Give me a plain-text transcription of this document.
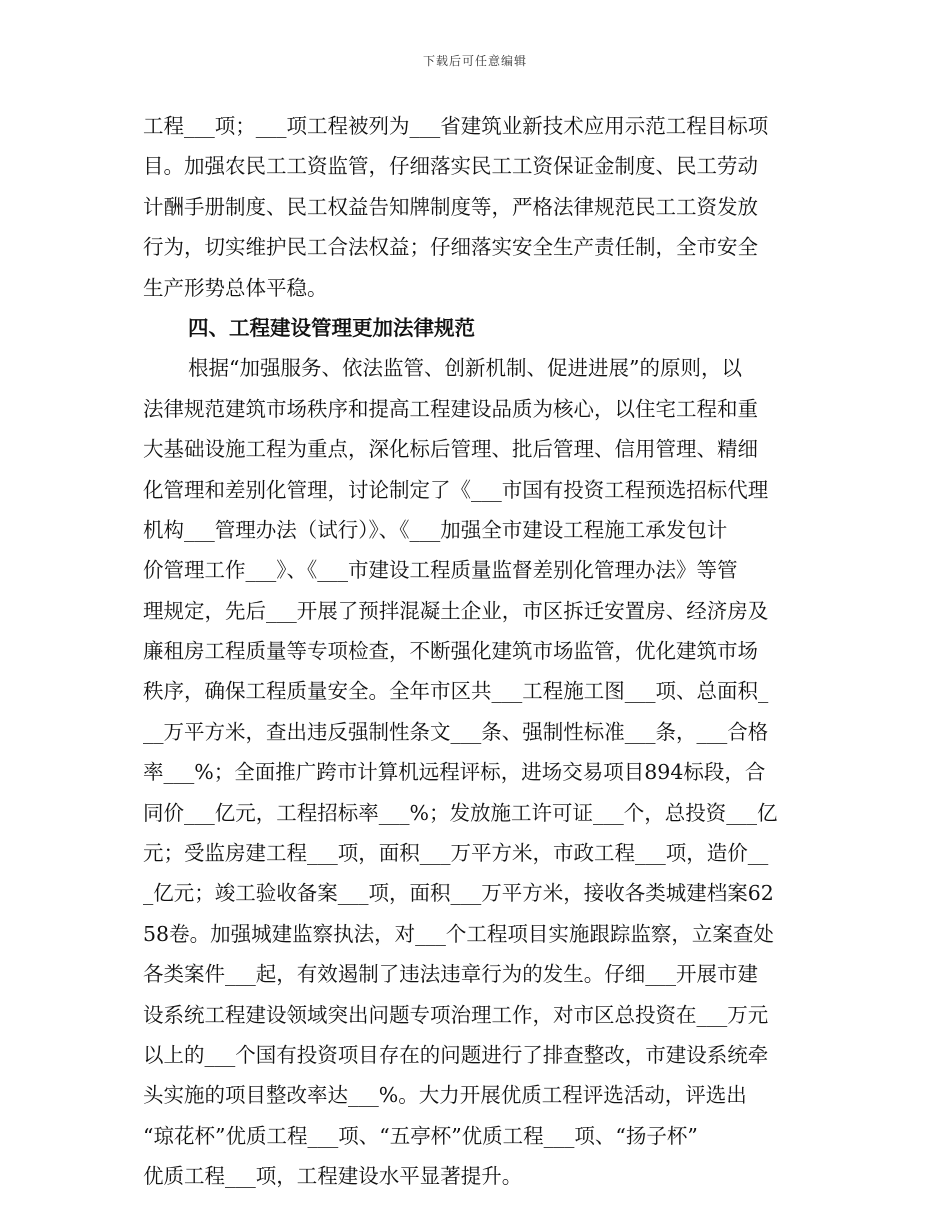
下载后可任意编辑
工程___项；___项工程被列为___省建筑业新技术应用示范工程目标项
目。加强农民工工资监管，仔细落实民工工资保证金制度、民工劳动
计酬手册制度、民工权益告知牌制度等，严格法律规范民工工资发放
行为，切实维护民工合法权益；仔细落实安全生产责任制，全市安全
生产形势总体平稳。
四、工程建设管理更加法律规范
根据“加强服务、依法监管、创新机制、促进进展”的原则，以
法律规范建筑市场秩序和提高工程建设品质为核心，以住宅工程和重
大基础设施工程为重点，深化标后管理、批后管理、信用管理、精细
化管理和差别化管理，讨论制定了《___市国有投资工程预选招标代理
机构___管理办法（试行）》、《___加强全市建设工程施工承发包计
价管理工作___》、《___市建设工程质量监督差别化管理办法》等管
理规定，先后___开展了预拌混凝土企业，市区拆迁安置房、经济房及
廉租房工程质量等专项检查，不断强化建筑市场监管，优化建筑市场
秩序，确保工程质量安全。全年市区共___工程施工图___项、总面积_
__万平方米，查出违反强制性条文___条、强制性标准___条，___合格
率___%；全面推广跨市计算机远程评标，进场交易项目894标段，合
同价___亿元，工程招标率___%；发放施工许可证___个，总投资___亿
元；受监房建工程___项，面积___万平方米，市政工程___项，造价__
_亿元；竣工验收备案___项，面积___万平方米，接收各类城建档案62
58卷。加强城建监察执法，对___个工程项目实施跟踪监察，立案查处
各类案件___起，有效遏制了违法违章行为的发生。仔细___开展市建
设系统工程建设领域突出问题专项治理工作，对市区总投资在___万元
以上的___个国有投资项目存在的问题进行了排查整改，市建设系统牵
头实施的项目整改率达___%。大力开展优质工程评选活动，评选出
“琼花杯”优质工程___项、“五亭杯”优质工程___项、“扬子杯”
优质工程___项，工程建设水平显著提升。
